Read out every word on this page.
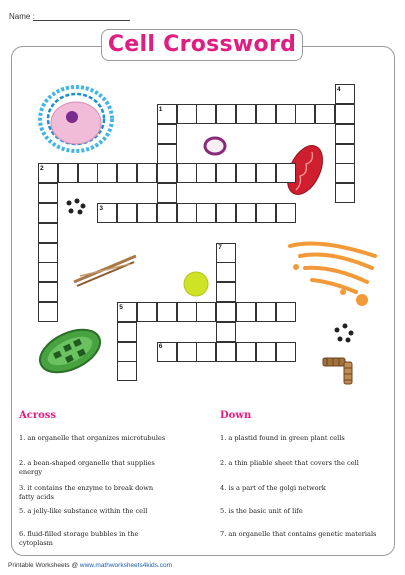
Name :
Cell Crossword
1
2
3
4
5
6
7
Across	Down
1. an organelle that organizes microtubules
2. a bean-shaped organelle that supplies energy
3. it contains the enzyme to break down fatty acids
5. a jelly-like substance within the cell
6. fluid-filled storage bubbles in the cytoplasm
1. a plastid found in green plant cells
2. a thin pliable sheet that covers the cell
4. is a part of the golgi network
5. is the basic unit of life
7. an organelle that contains genetic materials
Printable Worksheets @ www.mathworksheets4kids.com
